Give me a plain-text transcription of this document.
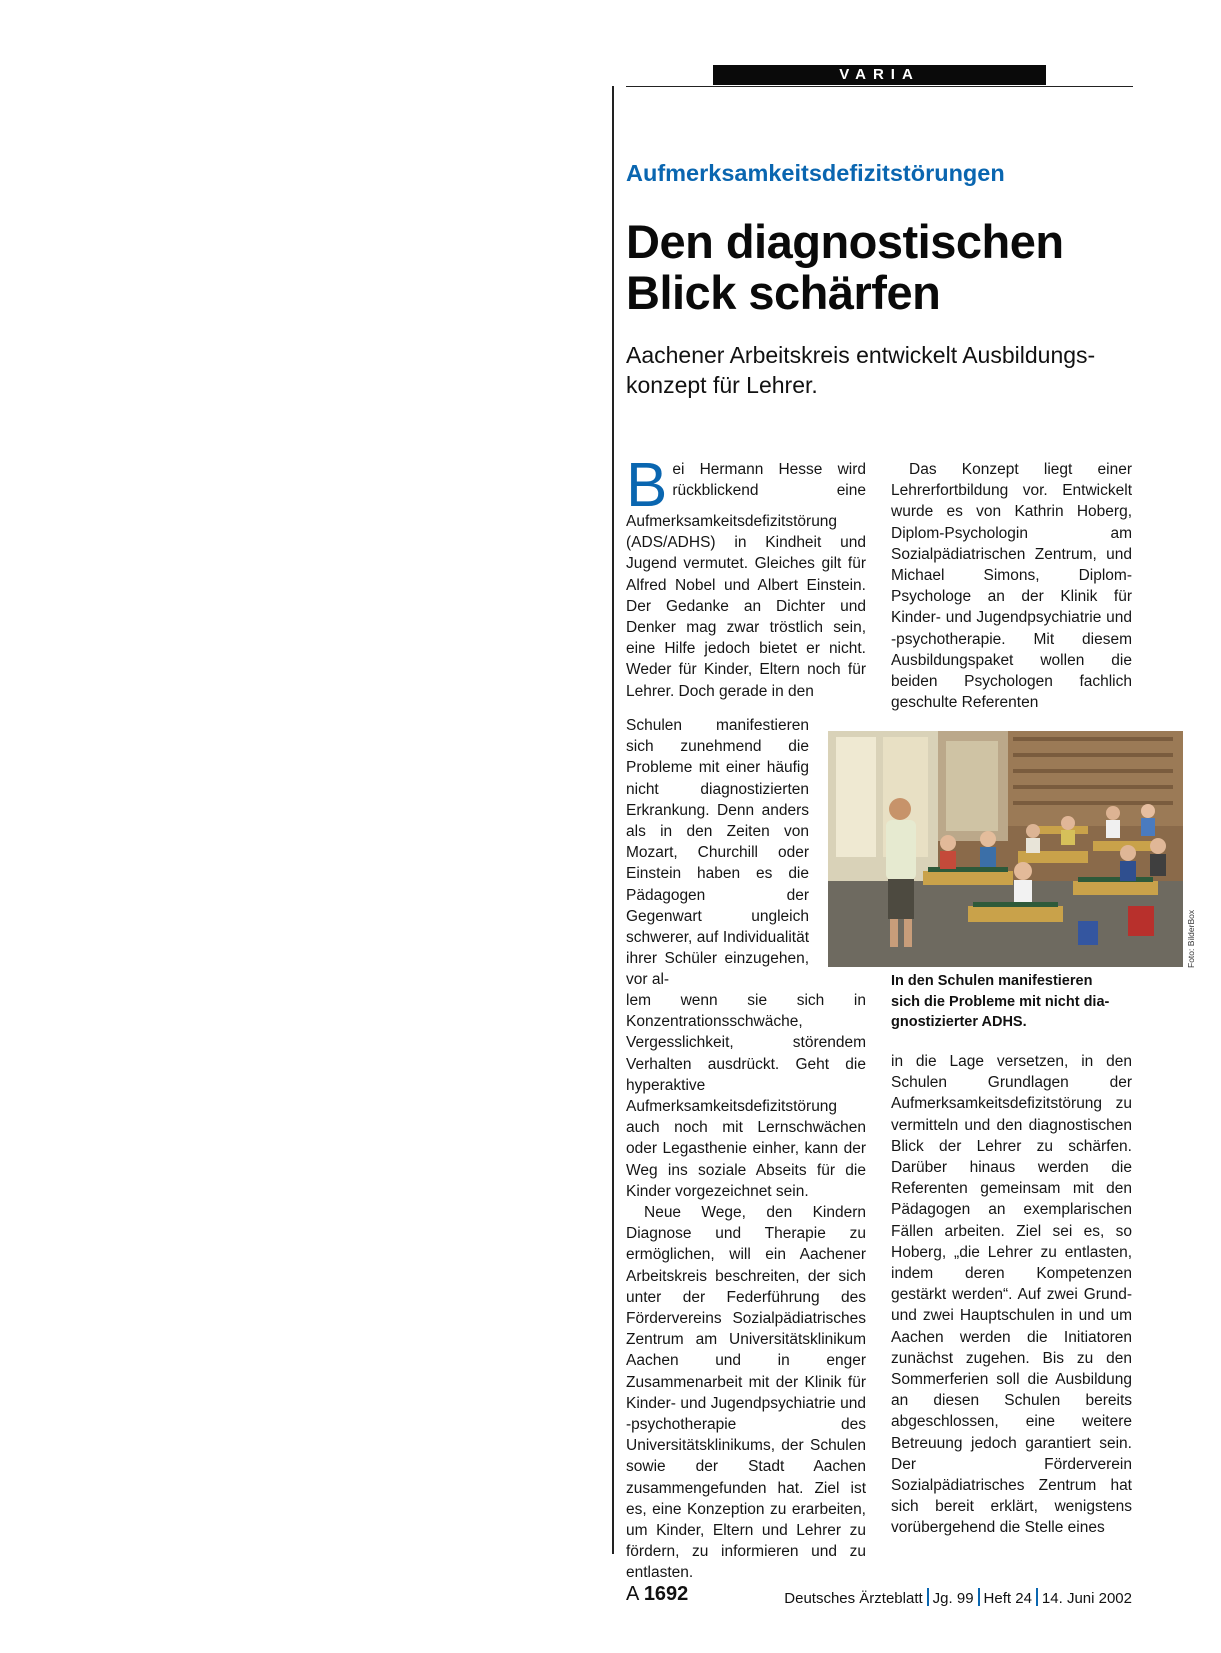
VARIA
Aufmerksamkeitsdefizitstörungen
Den diagnostischen
Blick schärfen
Aachener Arbeitskreis entwickelt Ausbildungs-
konzept für Lehrer.

Bei Hermann Hesse wird rückblickend eine Aufmerksamkeitsdefizitstörung (ADS/ADHS) in Kindheit und Jugend vermutet. Gleiches gilt für Alfred Nobel und Albert Einstein. Der Gedanke an Dichter und Denker mag zwar tröstlich sein, eine Hilfe jedoch bietet er nicht. Weder für Kinder, Eltern noch für Lehrer. Doch gerade in den

Schulen manifestieren sich zunehmend die Probleme mit einer häufig nicht diagnostizierten Erkrankung. Denn anders als in den Zeiten von Mozart, Churchill oder Einstein haben es die Pädagogen der Gegenwart ungleich schwerer, auf Individualität ihrer Schüler einzugehen, vor al-

lem wenn sie sich in Konzentrationsschwäche, Vergesslichkeit, störendem Verhalten ausdrückt. Geht die hyperaktive Aufmerksamkeitsdefizitstörung auch noch mit Lernschwächen oder Legasthenie einher, kann der Weg ins soziale Abseits für die Kinder vorgezeichnet sein.

Neue Wege, den Kindern Diagnose und Therapie zu ermöglichen, will ein Aachener Arbeitskreis beschreiten, der sich unter der Federführung des Fördervereins Sozialpädiatrisches Zentrum am Universitätsklinikum Aachen und in enger Zusammenarbeit mit der Klinik für Kinder- und Jugendpsychiatrie und -psychotherapie des Universitätsklinikums, der Schulen sowie der Stadt Aachen zusammengefunden hat. Ziel ist es, eine Konzeption zu erarbeiten, um Kinder, Eltern und Lehrer zu fördern, zu informieren und zu entlasten.

Das Konzept liegt einer Lehrerfortbildung vor. Entwickelt wurde es von Kathrin Hoberg, Diplom-Psychologin am Sozialpädiatrischen Zentrum, und Michael Simons, Diplom-Psychologe an der Klinik für Kinder- und Jugendpsychiatrie und -psychotherapie. Mit diesem Ausbildungspaket wollen die beiden Psychologen fachlich geschulte Referenten

in die Lage versetzen, in den Schulen Grundlagen der Aufmerksamkeitsdefizitstörung zu vermitteln und den diagnostischen Blick der Lehrer zu schärfen. Darüber hinaus werden die Referenten gemeinsam mit den Pädagogen an exemplarischen Fällen arbeiten. Ziel sei es, so Hoberg, „die Lehrer zu entlasten, indem deren Kompetenzen gestärkt werden“. Auf zwei Grund- und zwei Hauptschulen in und um Aachen werden die Initiatoren zunächst zugehen. Bis zu den Sommerferien soll die Ausbildung an diesen Schulen bereits abgeschlossen, eine weitere Betreuung jedoch garantiert sein. Der Förderverein Sozialpädiatrisches Zentrum hat sich bereit erklärt, wenigstens vorübergehend die Stelle eines

Foto: BilderBox
In den Schulen manifestieren
sich die Probleme mit nicht dia-
gnostizierter ADHS.
A 1692	Deutsches Ärzteblatt Jg. 99 Heft 24 14. Juni 2002
